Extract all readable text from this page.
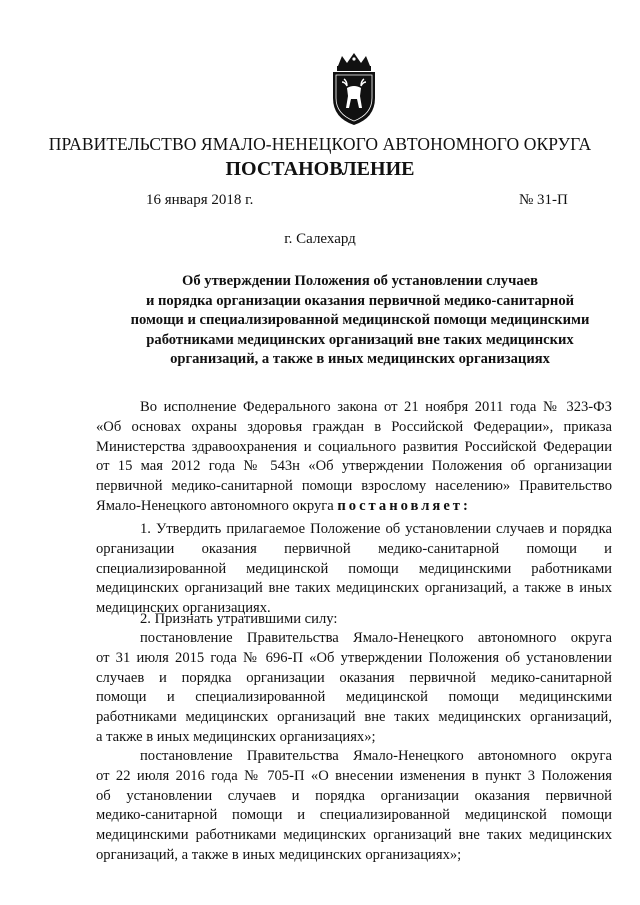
ПРАВИТЕЛЬСТВО ЯМАЛО-НЕНЕЦКОГО АВТОНОМНОГО ОКРУГА
ПОСТАНОВЛЕНИЕ
16 января 2018 г.	№ 31-П
г. Салехард
Об утверждении Положения об установлении случаев
и порядка организации оказания первичной медико-санитарной
помощи и специализированной медицинской помощи медицинскими
работниками медицинских организаций вне таких медицинских
организаций, а также в иных медицинских организациях
Во исполнение Федерального закона от 21 ноября 2011 года № 323-ФЗ
«Об основах охраны здоровья граждан в Российской Федерации», приказа
Министерства здравоохранения и социального развития Российской Федерации
от 15 мая 2012 года № 543н «Об утверждении Положения об организации
первичной медико-санитарной помощи взрослому населению» Правительство
Ямало-Ненецкого автономного округа постановляет:
1. Утвердить прилагаемое Положение об установлении случаев и порядка
организации оказания первичной медико-санитарной помощи и
специализированной медицинской помощи медицинскими работниками
медицинских организаций вне таких медицинских организаций, а также в иных
медицинских организациях.
2. Признать утратившими силу:
постановление Правительства Ямало-Ненецкого автономного округа
от 31 июля 2015 года № 696-П «Об утверждении Положения об установлении
случаев и порядка организации оказания первичной медико-санитарной
помощи и специализированной медицинской помощи медицинскими
работниками медицинских организаций вне таких медицинских организаций,
а также в иных медицинских организациях»;
постановление Правительства Ямало-Ненецкого автономного округа
от 22 июля 2016 года № 705-П «О внесении изменения в пункт 3 Положения
об установлении случаев и порядка организации оказания первичной
медико-санитарной помощи и специализированной медицинской помощи
медицинскими работниками медицинских организаций вне таких медицинских
организаций, а также в иных медицинских организациях»;
